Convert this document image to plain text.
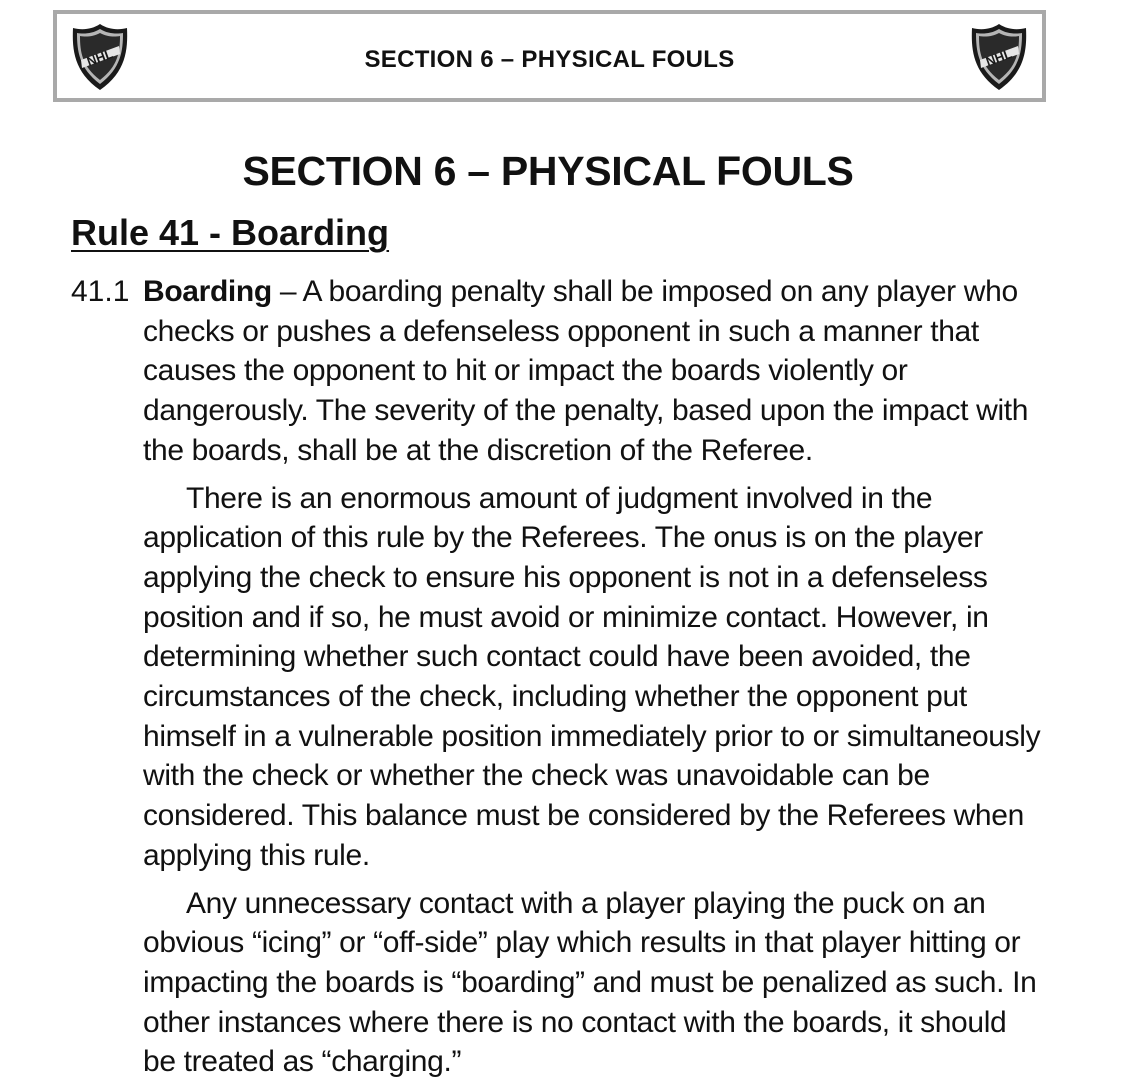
NHL	SECTION 6 – PHYSICAL FOULS	NHL
SECTION 6 – PHYSICAL FOULS
Rule 41 - Boarding
41.1 Boarding – A boarding penalty shall be imposed on any player who checks or pushes a defenseless opponent in such a manner that causes the opponent to hit or impact the boards violently or dangerously. The severity of the penalty, based upon the impact with the boards, shall be at the discretion of the Referee.

There is an enormous amount of judgment involved in the application of this rule by the Referees. The onus is on the player applying the check to ensure his opponent is not in a defenseless position and if so, he must avoid or minimize contact. However, in determining whether such contact could have been avoided, the circumstances of the check, including whether the opponent put himself in a vulnerable position immediately prior to or simultaneously with the check or whether the check was unavoidable can be considered. This balance must be considered by the Referees when applying this rule.

Any unnecessary contact with a player playing the puck on an obvious “icing” or “off-side” play which results in that player hitting or impacting the boards is “boarding” and must be penalized as such. In other instances where there is no contact with the boards, it should be treated as “charging.”
